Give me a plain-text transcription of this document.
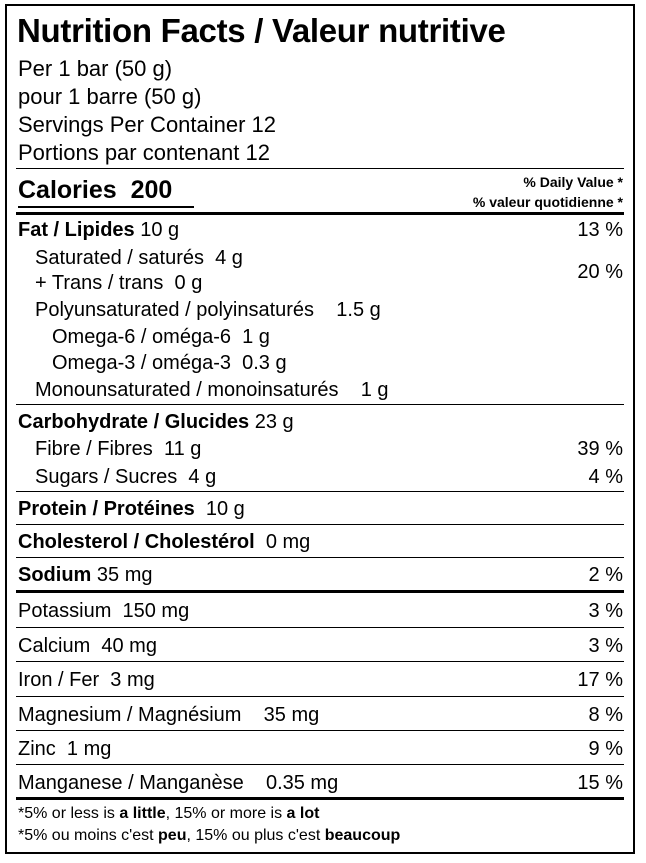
Nutrition Facts / Valeur nutritive
Per 1 bar (50 g)
pour 1 barre (50 g)
Servings Per Container 12
Portions par contenant 12
Calories 200	% Daily Value *
% valeur quotidienne *
Fat / Lipides 10 g	13 %
Saturated / saturés 4 g
+ Trans / trans 0 g	20 %
Polyunsaturated / polyinsaturés 1.5 g
Omega-6 / oméga-6 1 g
Omega-3 / oméga-3 0.3 g
Monounsaturated / monoinsaturés 1 g
Carbohydrate / Glucides 23 g
Fibre / Fibres 11 g	39 %
Sugars / Sucres 4 g	4 %
Protein / Protéines 10 g
Cholesterol / Cholestérol 0 mg
Sodium 35 mg	2 %
Potassium 150 mg	3 %
Calcium 40 mg	3 %
Iron / Fer 3 mg	17 %
Magnesium / Magnésium 35 mg	8 %
Zinc 1 mg	9 %
Manganese / Manganèse 0.35 mg	15 %
*5% or less is a little, 15% or more is a lot
*5% ou moins c'est peu, 15% ou plus c'est beaucoup
